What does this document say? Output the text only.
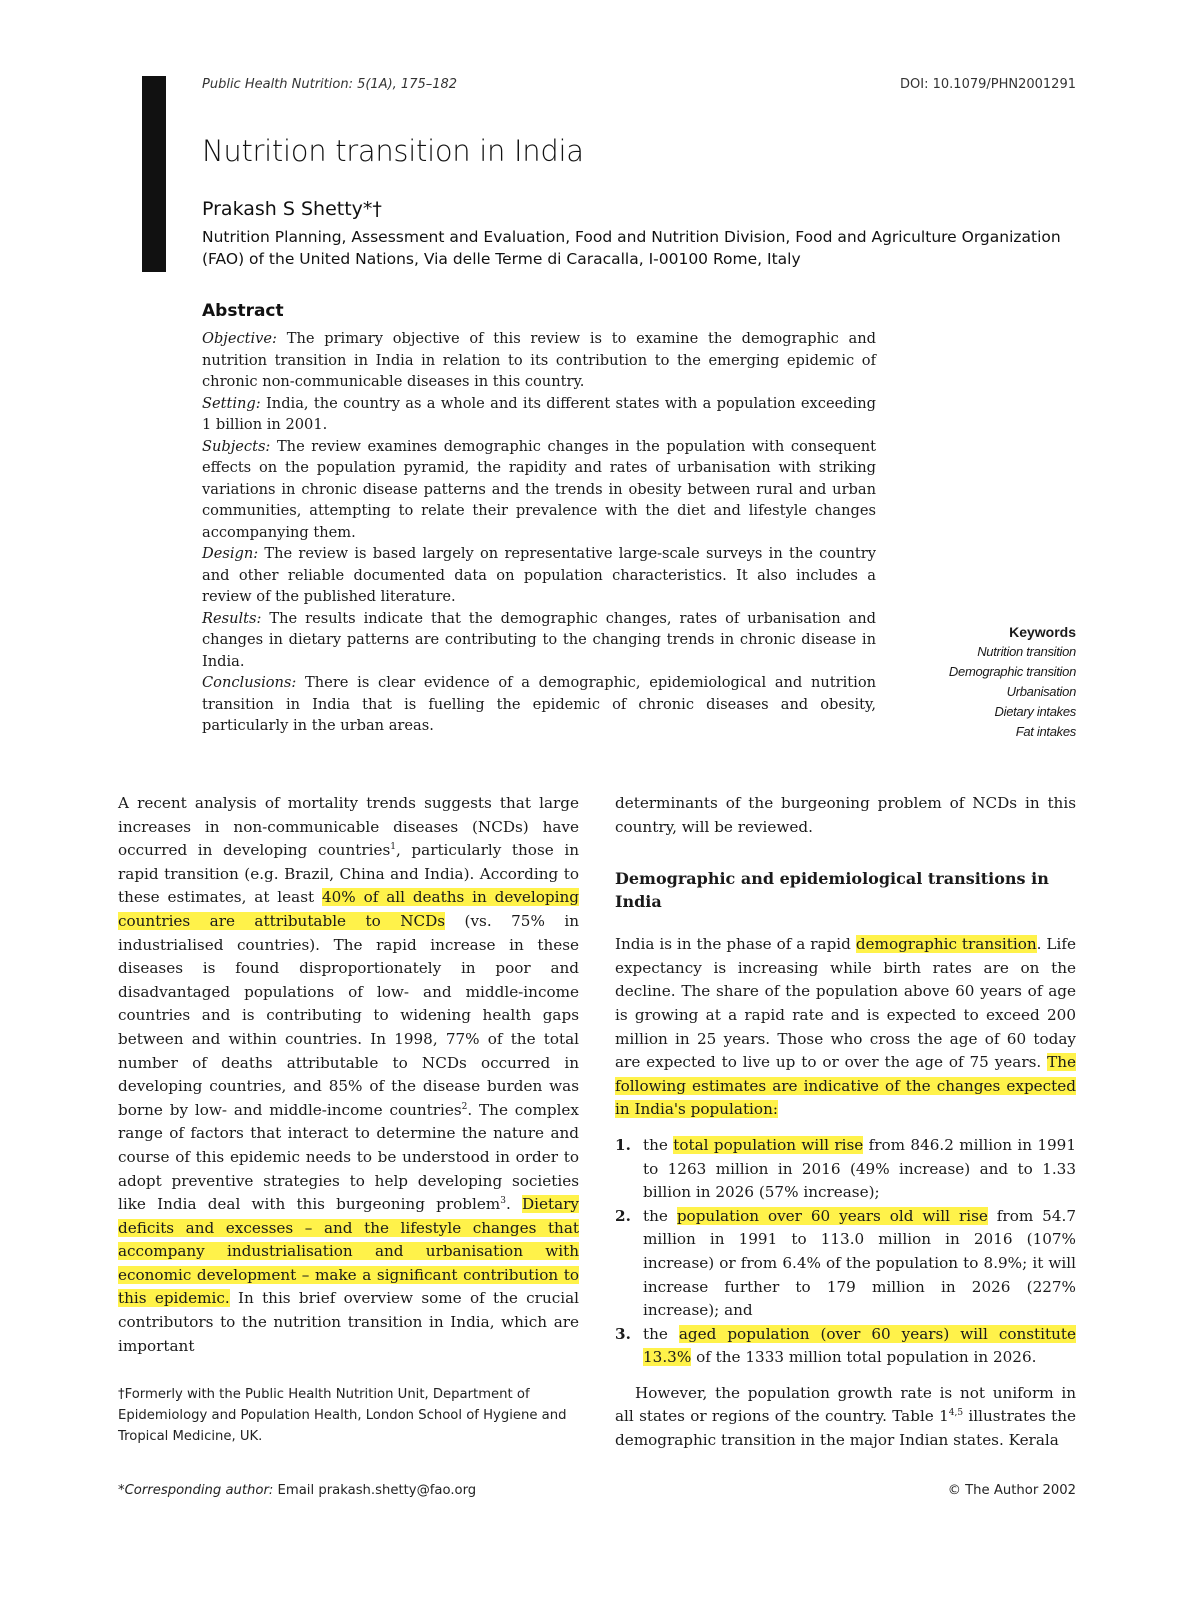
Public Health Nutrition: 5(1A), 175–182	DOI: 10.1079/PHN2001291
Nutrition transition in India
Prakash S Shetty*†
Nutrition Planning, Assessment and Evaluation, Food and Nutrition Division, Food and Agriculture Organization (FAO) of the United Nations, Via delle Terme di Caracalla, I-00100 Rome, Italy
Abstract

Objective: The primary objective of this review is to examine the demographic and nutrition transition in India in relation to its contribution to the emerging epidemic of chronic non-communicable diseases in this country.

Setting: India, the country as a whole and its different states with a population exceeding 1 billion in 2001.

Subjects: The review examines demographic changes in the population with consequent effects on the population pyramid, the rapidity and rates of urbanisation with striking variations in chronic disease patterns and the trends in obesity between rural and urban communities, attempting to relate their prevalence with the diet and lifestyle changes accompanying them.

Design: The review is based largely on representative large-scale surveys in the country and other reliable documented data on population characteristics. It also includes a review of the published literature.

Results: The results indicate that the demographic changes, rates of urbanisation and changes in dietary patterns are contributing to the changing trends in chronic disease in India.

Conclusions: There is clear evidence of a demographic, epidemiological and nutrition transition in India that is fuelling the epidemic of chronic diseases and obesity, particularly in the urban areas.

Keywords
Nutrition transition
Demographic transition
Urbanisation
Dietary intakes
Fat intakes

A recent analysis of mortality trends suggests that large increases in non-communicable diseases (NCDs) have occurred in developing countries$^1$, particularly those in rapid transition (e.g. Brazil, China and India). According to these estimates, at least 40% of all deaths in developing countries are attributable to NCDs (vs. 75% in industrialised countries). The rapid increase in these diseases is found disproportionately in poor and disadvantaged populations of low- and middle-income countries and is contributing to widening health gaps between and within countries. In 1998, 77% of the total number of deaths attributable to NCDs occurred in developing countries, and 85% of the disease burden was borne by low- and middle-income countries$^2$. The complex range of factors that interact to determine the nature and course of this epidemic needs to be understood in order to adopt preventive strategies to help developing societies like India deal with this burgeoning problem$^3$. Dietary deficits and excesses – and the lifestyle changes that accompany industrialisation and urbanisation with economic development – make a significant contribution to this epidemic. In this brief overview some of the crucial contributors to the nutrition transition in India, which are important

determinants of the burgeoning problem of NCDs in this country, will be reviewed.

Demographic and epidemiological transitions in India

India is in the phase of a rapid demographic transition. Life expectancy is increasing while birth rates are on the decline. The share of the population above 60 years of age is growing at a rapid rate and is expected to exceed 200 million in 25 years. Those who cross the age of 60 today are expected to live up to or over the age of 75 years. The following estimates are indicative of the changes expected in India's population:

1. the total population will rise from 846.2 million in 1991 to 1263 million in 2016 (49% increase) and to 1.33 billion in 2026 (57% increase);
2. the population over 60 years old will rise from 54.7 million in 1991 to 113.0 million in 2016 (107% increase) or from 6.4% of the population to 8.9%; it will increase further to 179 million in 2026 (227% increase); and
3. the aged population (over 60 years) will constitute 13.3% of the 1333 million total population in 2026.

However, the population growth rate is not uniform in all states or regions of the country. Table 1$^{4,5}$ illustrates the demographic transition in the major Indian states. Kerala

†Formerly with the Public Health Nutrition Unit, Department of Epidemiology and Population Health, London School of Hygiene and Tropical Medicine, UK.
*Corresponding author: Email prakash.shetty@fao.org	© The Author 2002
